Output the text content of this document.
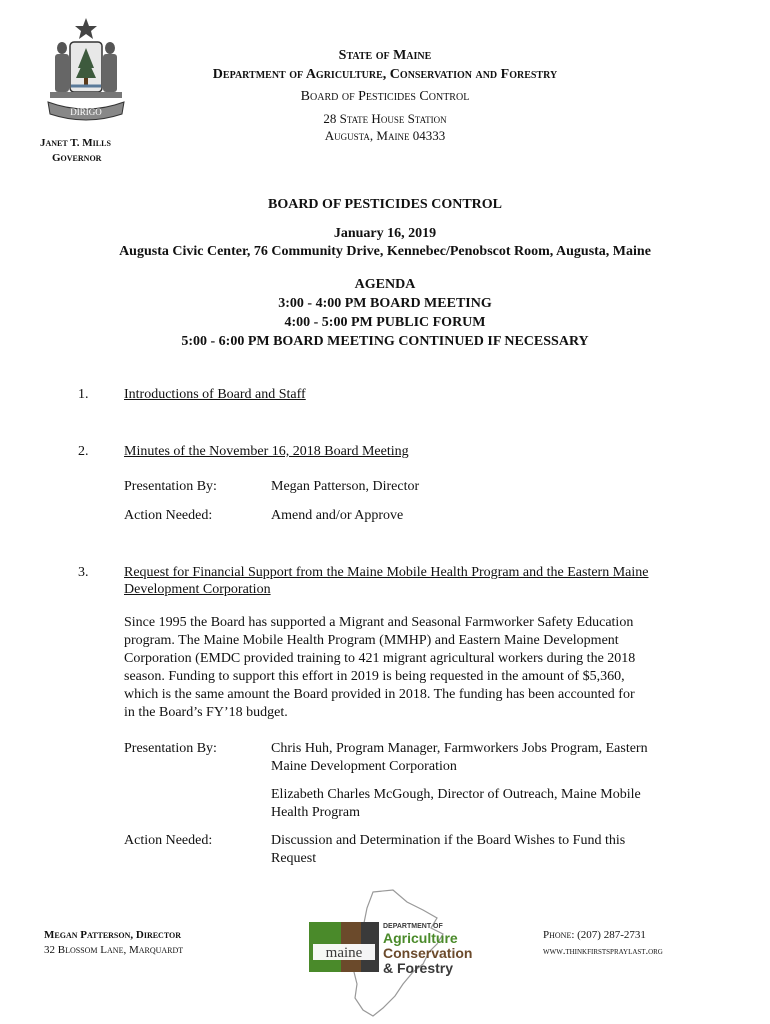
DIRIGO
State of Maine
Department of Agriculture, Conservation and Forestry
Board of Pesticides Control
28 State House Station
Augusta, Maine 04333
Janet T. Mills
Governor
BOARD OF PESTICIDES CONTROL
January 16, 2019
Augusta Civic Center, 76 Community Drive, Kennebec/Penobscot Room, Augusta, Maine
AGENDA
3:00 - 4:00 PM BOARD MEETING
4:00 - 5:00 PM PUBLIC FORUM
5:00 - 6:00 PM BOARD MEETING CONTINUED IF NECESSARY
1.	Introductions of Board and Staff
2.	Minutes of the November 16, 2018 Board Meeting
Presentation By:	Megan Patterson, Director
Action Needed:	Amend and/or Approve
3.	Request for Financial Support from the Maine Mobile Health Program and the Eastern Maine
Development Corporation
Since 1995 the Board has supported a Migrant and Seasonal Farmworker Safety Education
program. The Maine Mobile Health Program (MMHP) and Eastern Maine Development
Corporation (EMDC provided training to 421 migrant agricultural workers during the 2018
season. Funding to support this effort in 2019 is being requested in the amount of $5,360,
which is the same amount the Board provided in 2018. The funding has been accounted for
in the Board’s FY’18 budget.
Presentation By:	Chris Huh, Program Manager, Farmworkers Jobs Program, Eastern
Maine Development Corporation
Elizabeth Charles McGough, Director of Outreach, Maine Mobile
Health Program
Action Needed:	Discussion and Determination if the Board Wishes to Fund this
Request
Megan Patterson, Director
32 Blossom Lane, Marquardt
Phone: (207) 287-2731
www.thinkfirstspraylast.org
maine
DEPARTMENT OF
Agriculture
Conservation
& Forestry
